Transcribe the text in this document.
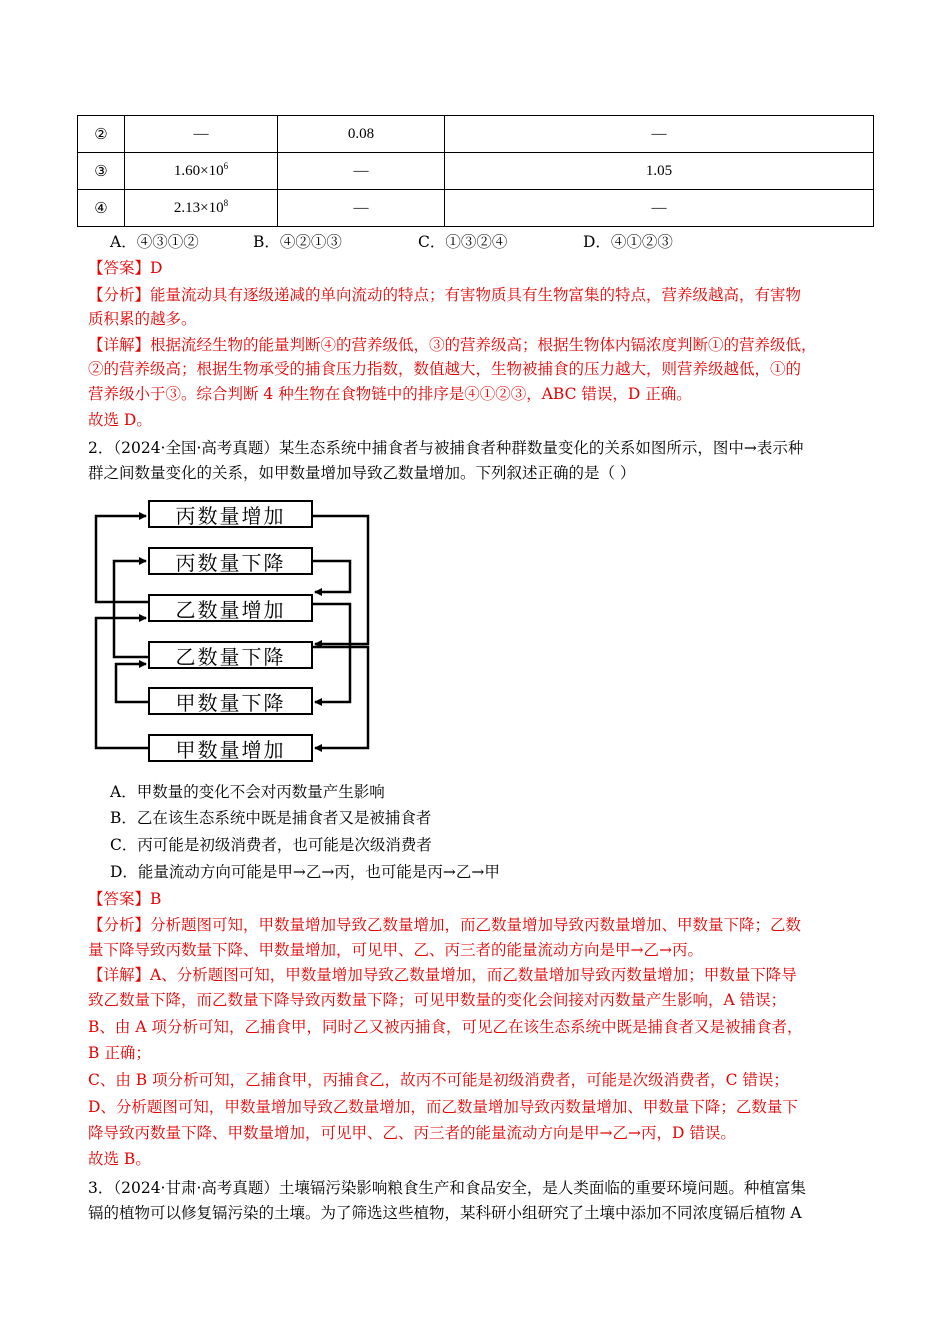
②	—	0.08	—
③	$1.60\times 10^6$	—	1.05
④	$2.13\times 10^8$	—	—
A．④③①②	B．④②①③	C．①③②④	D．④①②③
【答案】D
【分析】能量流动具有逐级递减的单向流动的特点；有害物质具有生物富集的特点，营养级越高，有害物
质积累的越多。
【详解】根据流经生物的能量判断④的营养级低，③的营养级高；根据生物体内镉浓度判断①的营养级低，
②的营养级高；根据生物承受的捕食压力指数，数值越大，生物被捕食的压力越大，则营养级越低，①的
营养级小于③。综合判断 4 种生物在食物链中的排序是④①②③，ABC 错误，D 正确。
故选 D。
2．（2024·全国·高考真题）某生态系统中捕食者与被捕食者种群数量变化的关系如图所示，图中→表示种
群之间数量变化的关系，如甲数量增加导致乙数量增加。下列叙述正确的是（ ）
丙数量增加
丙数量下降
乙数量增加
乙数量下降
甲数量下降
甲数量增加
A．甲数量的变化不会对丙数量产生影响
B．乙在该生态系统中既是捕食者又是被捕食者
C．丙可能是初级消费者，也可能是次级消费者
D．能量流动方向可能是甲→乙→丙，也可能是丙→乙→甲
【答案】B
【分析】分析题图可知，甲数量增加导致乙数量增加，而乙数量增加导致丙数量增加、甲数量下降；乙数
量下降导致丙数量下降、甲数量增加，可见甲、乙、丙三者的能量流动方向是甲→乙→丙。
【详解】A、分析题图可知，甲数量增加导致乙数量增加，而乙数量增加导致丙数量增加；甲数量下降导
致乙数量下降，而乙数量下降导致丙数量下降；可见甲数量的变化会间接对丙数量产生影响，A 错误；
B、由 A 项分析可知，乙捕食甲，同时乙又被丙捕食，可见乙在该生态系统中既是捕食者又是被捕食者，
B 正确；
C、由 B 项分析可知，乙捕食甲，丙捕食乙，故丙不可能是初级消费者，可能是次级消费者，C 错误；
D、分析题图可知，甲数量增加导致乙数量增加，而乙数量增加导致丙数量增加、甲数量下降；乙数量下
降导致丙数量下降、甲数量增加，可见甲、乙、丙三者的能量流动方向是甲→乙→丙，D 错误。
故选 B。
3．（2024·甘肃·高考真题）土壤镉污染影响粮食生产和食品安全，是人类面临的重要环境问题。种植富集
镉的植物可以修复镉污染的土壤。为了筛选这些植物，某科研小组研究了土壤中添加不同浓度镉后植物 A
